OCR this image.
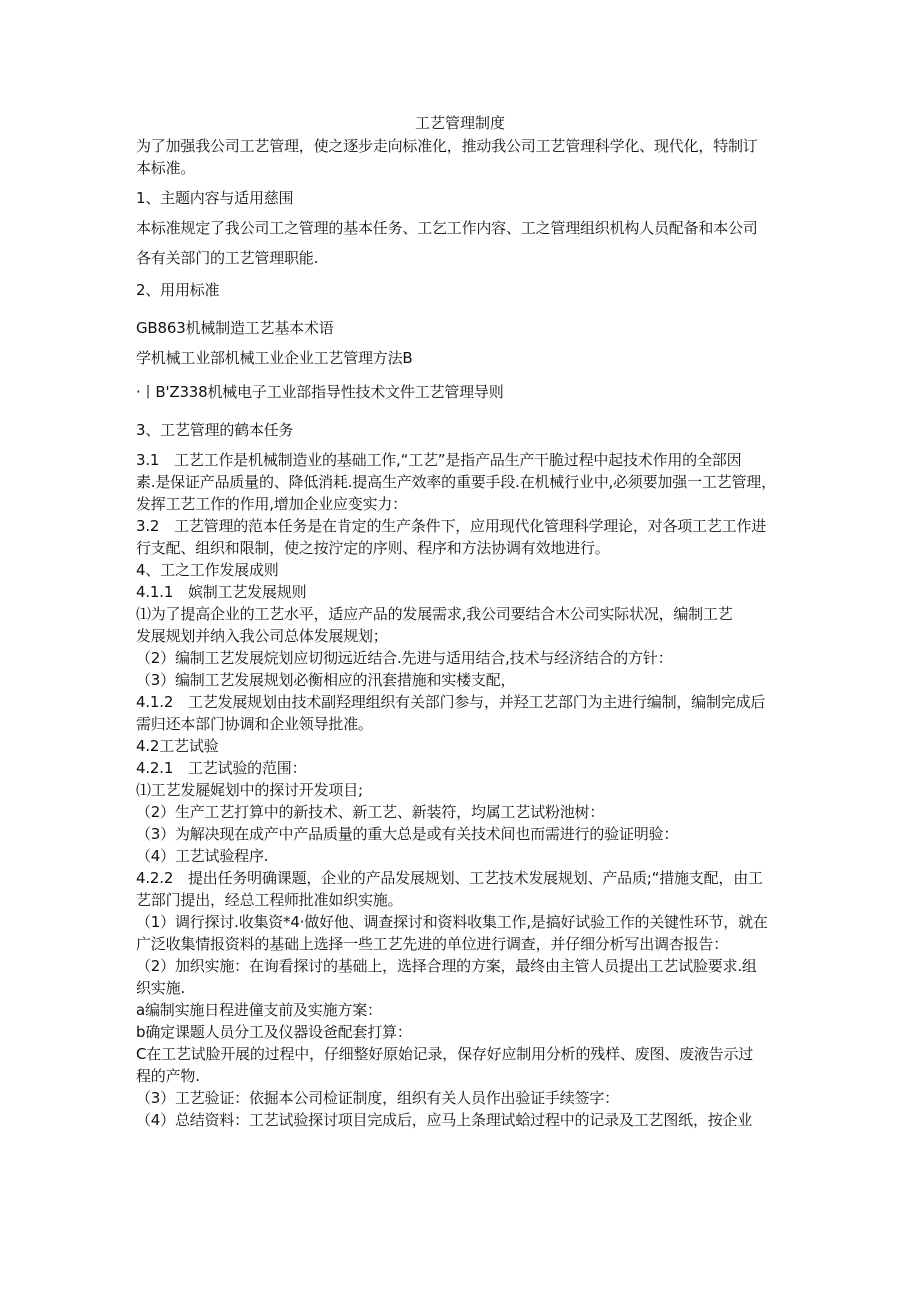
工艺管理制度

为了加强我公司工艺管理，使之逐步走向标准化，推动我公司工艺管理科学化、现代化，特制订

本标准。

1、主题内容与适用慈围

本标准规定了我公司工之管理的基本任务、工乞工作内容、工之管理组织机构人员配备和本公司

各有关部门的工艺管理职能.

2、用用标准

GB863机械制造工艺基本术语

学机械工业部机械工业企业工艺管理方法B

·丨B'Z338机械电子工业部指导性技术文件工艺管理导则

3、工艺管理的鹤本任务

3.1　工艺工作是机械制造业的基础工作,“工艺”是指产品生产干脆过程中起技术作用的全部因

素.是保证产品质量的、降低消耗.提高生产效率的重要手段.在机械行业中,必须要加强一工艺管理，

发挥工艺工作的作用,增加企业应变实力：

3.2　工艺管理的范本任务是在肯定的生产条件下，应用现代化管理科学理论，对各项工艺工作进

行支配、组织和限制，使之按泞定的序则、程序和方法协调有效地进行。

4、工之工作发展成则

4.1.1　嫔制工艺发展规则

⑴为了提高企业的工艺水平，适应产品的发展需求,我公司要结合木公司实际状况，编制工艺

发展规划并纳入我公司总体发展规划；

（2）编制工艺发展烷划应切彻远近结合.先进与适用结合,技术与经济结合的方针：

（3）编制工艺发展规划必衡相应的汛套措施和实楼支配，

4.1.2　工艺发展规划由技术副羟理组织有关部门参与，并羟工艺部门为主进行编制，编制完成后

需归还本部门协调和企业领导批准。

4.2工艺试验

4.2.1　工艺试验的范围：

⑴工艺发屣娓划中的探讨开发项目;

（2）生产工艺打算中的新技术、新工艺、新装符，均属工艺试粉池树：

（3）为解决现在成产中产品质量的重大总是或有关技术间也而需进行的验证明验：

（4）工艺试验程序.

4.2.2　提出任务明确课题，企业的产品发展规划、工艺技术发展规划、产品质;“措施支配，由工

艺部门提出，经总工程师批准如织实施。

（1）调行探讨.收集资*4·做好他、调查探讨和资料收集工作,是搞好试验工作的关键性环节，就在

广泛收集情报资料的基础上选择一些工艺先进的单位进行调查，并仔细分析写出调杏报告：

（2）加织实施：在询看探讨的基础上，选择合理的方案，最终由主管人员提出工艺试脸要求.组

织实施.

a编制实施日程进僮支前及实施方案：

b确定课题人员分工及仪器设爸配套打算：

C在工艺试脸开展的过程中，仔细整好原始记录，保存好应制用分析的残样、废图、废液告示过

程的产物.

（3）工艺验证：依掘本公司检证制度，组织有关人员作出验证手续签字：

（4）总结资料：工艺试验探讨项目完成后，应马上条理试蛤过程中的记录及工艺图纸，按企业
